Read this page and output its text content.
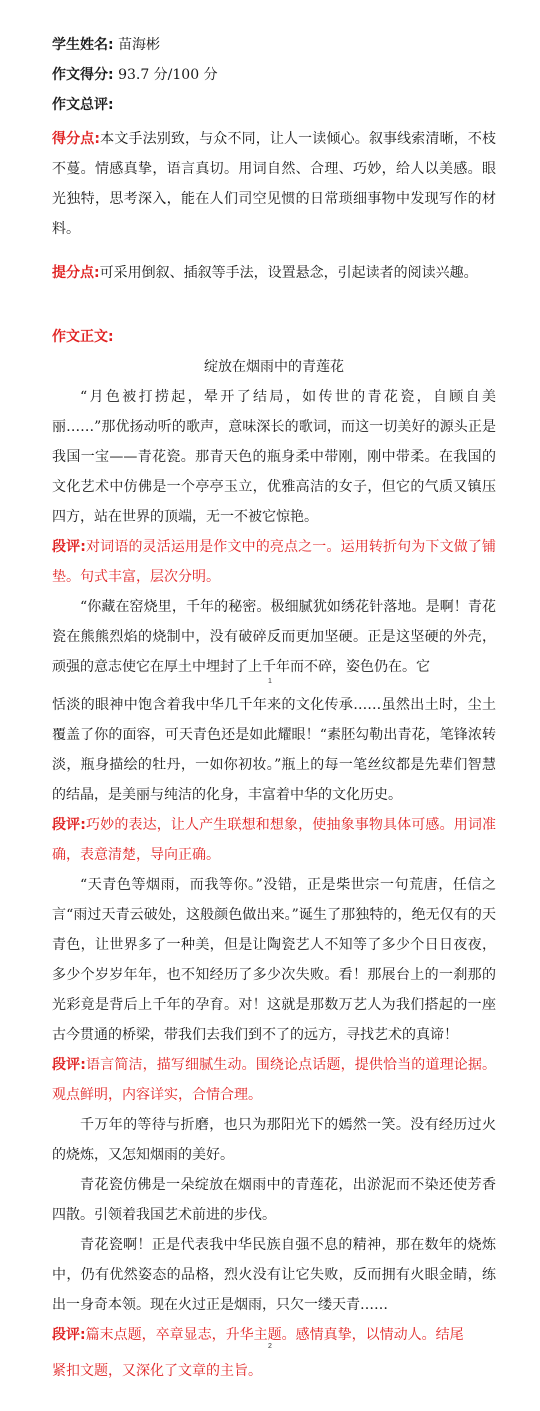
学生姓名: 苗海彬
作文得分: 93.7 分/100 分
作文总评:

得分点:本文手法别致，与众不同，让人一读倾心。叙事线索清晰，不枝不蔓。情感真挚，语言真切。用词自然、合理、巧妙，给人以美感。眼光独特，思考深入，能在人们司空见惯的日常琐细事物中发现写作的材料。

提分点:可采用倒叙、插叙等手法，设置悬念，引起读者的阅读兴趣。

作文正文:
绽放在烟雨中的青莲花

“月色被打捞起，晕开了结局，如传世的青花瓷，自顾自美丽……”那优扬动听的歌声，意味深长的歌词，而这一切美好的源头正是我国一宝——青花瓷。那青天色的瓶身柔中带刚，刚中带柔。在我国的文化艺术中仿佛是一个亭亭玉立，优雅高洁的女子，但它的气质又镇压四方，站在世界的顶端，无一不被它惊艳。

段评:对词语的灵活运用是作文中的亮点之一。运用转折句为下文做了铺垫。句式丰富，层次分明。

“你藏在窑烧里，千年的秘密。极细腻犹如绣花针落地。是啊！青花瓷在熊熊烈焰的烧制中，没有破碎反而更加坚硬。正是这坚硬的外壳，顽强的意志使它在厚土中埋封了上千年而不碎，姿色仍在。它

1

恬淡的眼神中饱含着我中华几千年来的文化传承……虽然出土时，尘土覆盖了你的面容，可天青色还是如此耀眼！“素胚勾勒出青花，笔锋浓转淡，瓶身描绘的牡丹，一如你初妆。”瓶上的每一笔丝纹都是先辈们智慧的结晶，是美丽与纯洁的化身，丰富着中华的文化历史。

段评:巧妙的表达，让人产生联想和想象，使抽象事物具体可感。用词准确，表意清楚，导向正确。

“天青色等烟雨，而我等你。”没错，正是柴世宗一句荒唐，任信之言“雨过天青云破处，这般颜色做出来。”诞生了那独特的，绝无仅有的天青色，让世界多了一种美，但是让陶瓷艺人不知等了多少个日日夜夜，多少个岁岁年年，也不知经历了多少次失败。看！那展台上的一刹那的光彩竟是背后上千年的孕育。对！这就是那数万艺人为我们搭起的一座古今贯通的桥梁，带我们去我们到不了的远方，寻找艺术的真谛！

段评:语言简洁，描写细腻生动。围绕论点话题，提供恰当的道理论据。观点鲜明，内容详实，合情合理。

千万年的等待与折磨，也只为那阳光下的嫣然一笑。没有经历过火的烧炼，又怎知烟雨的美好。

青花瓷仿佛是一朵绽放在烟雨中的青莲花，出淤泥而不染还使芳香四散。引领着我国艺术前进的步伐。

青花瓷啊！正是代表我中华民族自强不息的精神，那在数年的烧炼中，仍有优然姿态的品格，烈火没有让它失败，反而拥有火眼金睛，练出一身奇本领。现在火过正是烟雨，只欠一缕天青……

段评:篇末点题，卒章显志，升华主题。感情真挚，以情动人。结尾

2

紧扣文题，又深化了文章的主旨。
